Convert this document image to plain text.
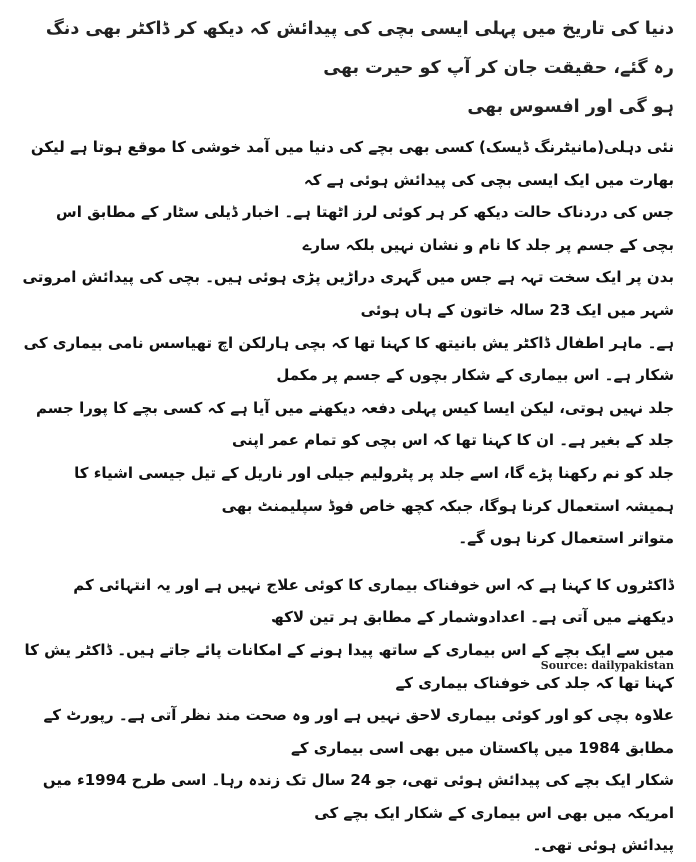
دنیا کی تاریخ میں پہلی ایسی بچی کی پیدائش کہ دیکھ کر ڈاکٹر بھی دنگ رہ گئے، حقیقت جان کر آپ کو حیرت بھی
ہو گی اور افسوس بھی
نئی دہلی(مانیٹرنگ ڈیسک) کسی بھی بچے کی دنیا میں آمد خوشی کا موقع ہوتا ہے لیکن بھارت میں ایک ایسی بچی کی پیدائش ہوئی ہے کہ
جس کی دردناک حالت دیکھ کر ہر کوئی لرز اٹھتا ہے۔ اخبار ڈیلی سٹار کے مطابق اس بچی کے جسم پر جلد کا نام و نشان نہیں بلکہ سارے
بدن پر ایک سخت تہہ ہے جس میں گہری دراڑیں پڑی ہوئی ہیں۔ بچی کی پیدائش امروتی شہر میں ایک 23 سالہ خاتون کے ہاں ہوئی
ہے۔ ماہر اطفال ڈاکٹر یش بانیتھ کا کہنا تھا کہ بچی ہارلکن اچ تھیاسس نامی بیماری کی شکار ہے۔ اس بیماری کے شکار بچوں کے جسم پر مکمل
جلد نہیں ہوتی، لیکن ایسا کیس پہلی دفعہ دیکھنے میں آیا ہے کہ کسی بچے کا پورا جسم جلد کے بغیر ہے۔ ان کا کہنا تھا کہ اس بچی کو تمام عمر اپنی
جلد کو نم رکھنا پڑے گا، اسے جلد پر پٹرولیم جیلی اور ناریل کے تیل جیسی اشیاء کا ہمیشہ استعمال کرنا ہوگا، جبکہ کچھ خاص فوڈ سپلیمنٹ بھی
متواتر استعمال کرنا ہوں گے۔
ڈاکٹروں کا کہنا ہے کہ اس خوفناک بیماری کا کوئی علاج نہیں ہے اور یہ انتہائی کم دیکھنے میں آتی ہے۔ اعدادوشمار کے مطابق ہر تین لاکھ
میں سے ایک بچے کے اس بیماری کے ساتھ پیدا ہونے کے امکانات پائے جاتے ہیں۔ ڈاکٹر یش کا کہنا تھا کہ جلد کی خوفناک بیماری کے
علاوہ بچی کو اور کوئی بیماری لاحق نہیں ہے اور وہ صحت مند نظر آتی ہے۔ رپورٹ کے مطابق 1984 میں پاکستان میں بھی اسی بیماری کے
شکار ایک بچے کی پیدائش ہوئی تھی، جو 24 سال تک زندہ رہا۔ اسی طرح 1994ء میں امریکہ میں بھی اس بیماری کے شکار ایک بچے کی
پیدائش ہوئی تھی۔
Source: dailypakistan
